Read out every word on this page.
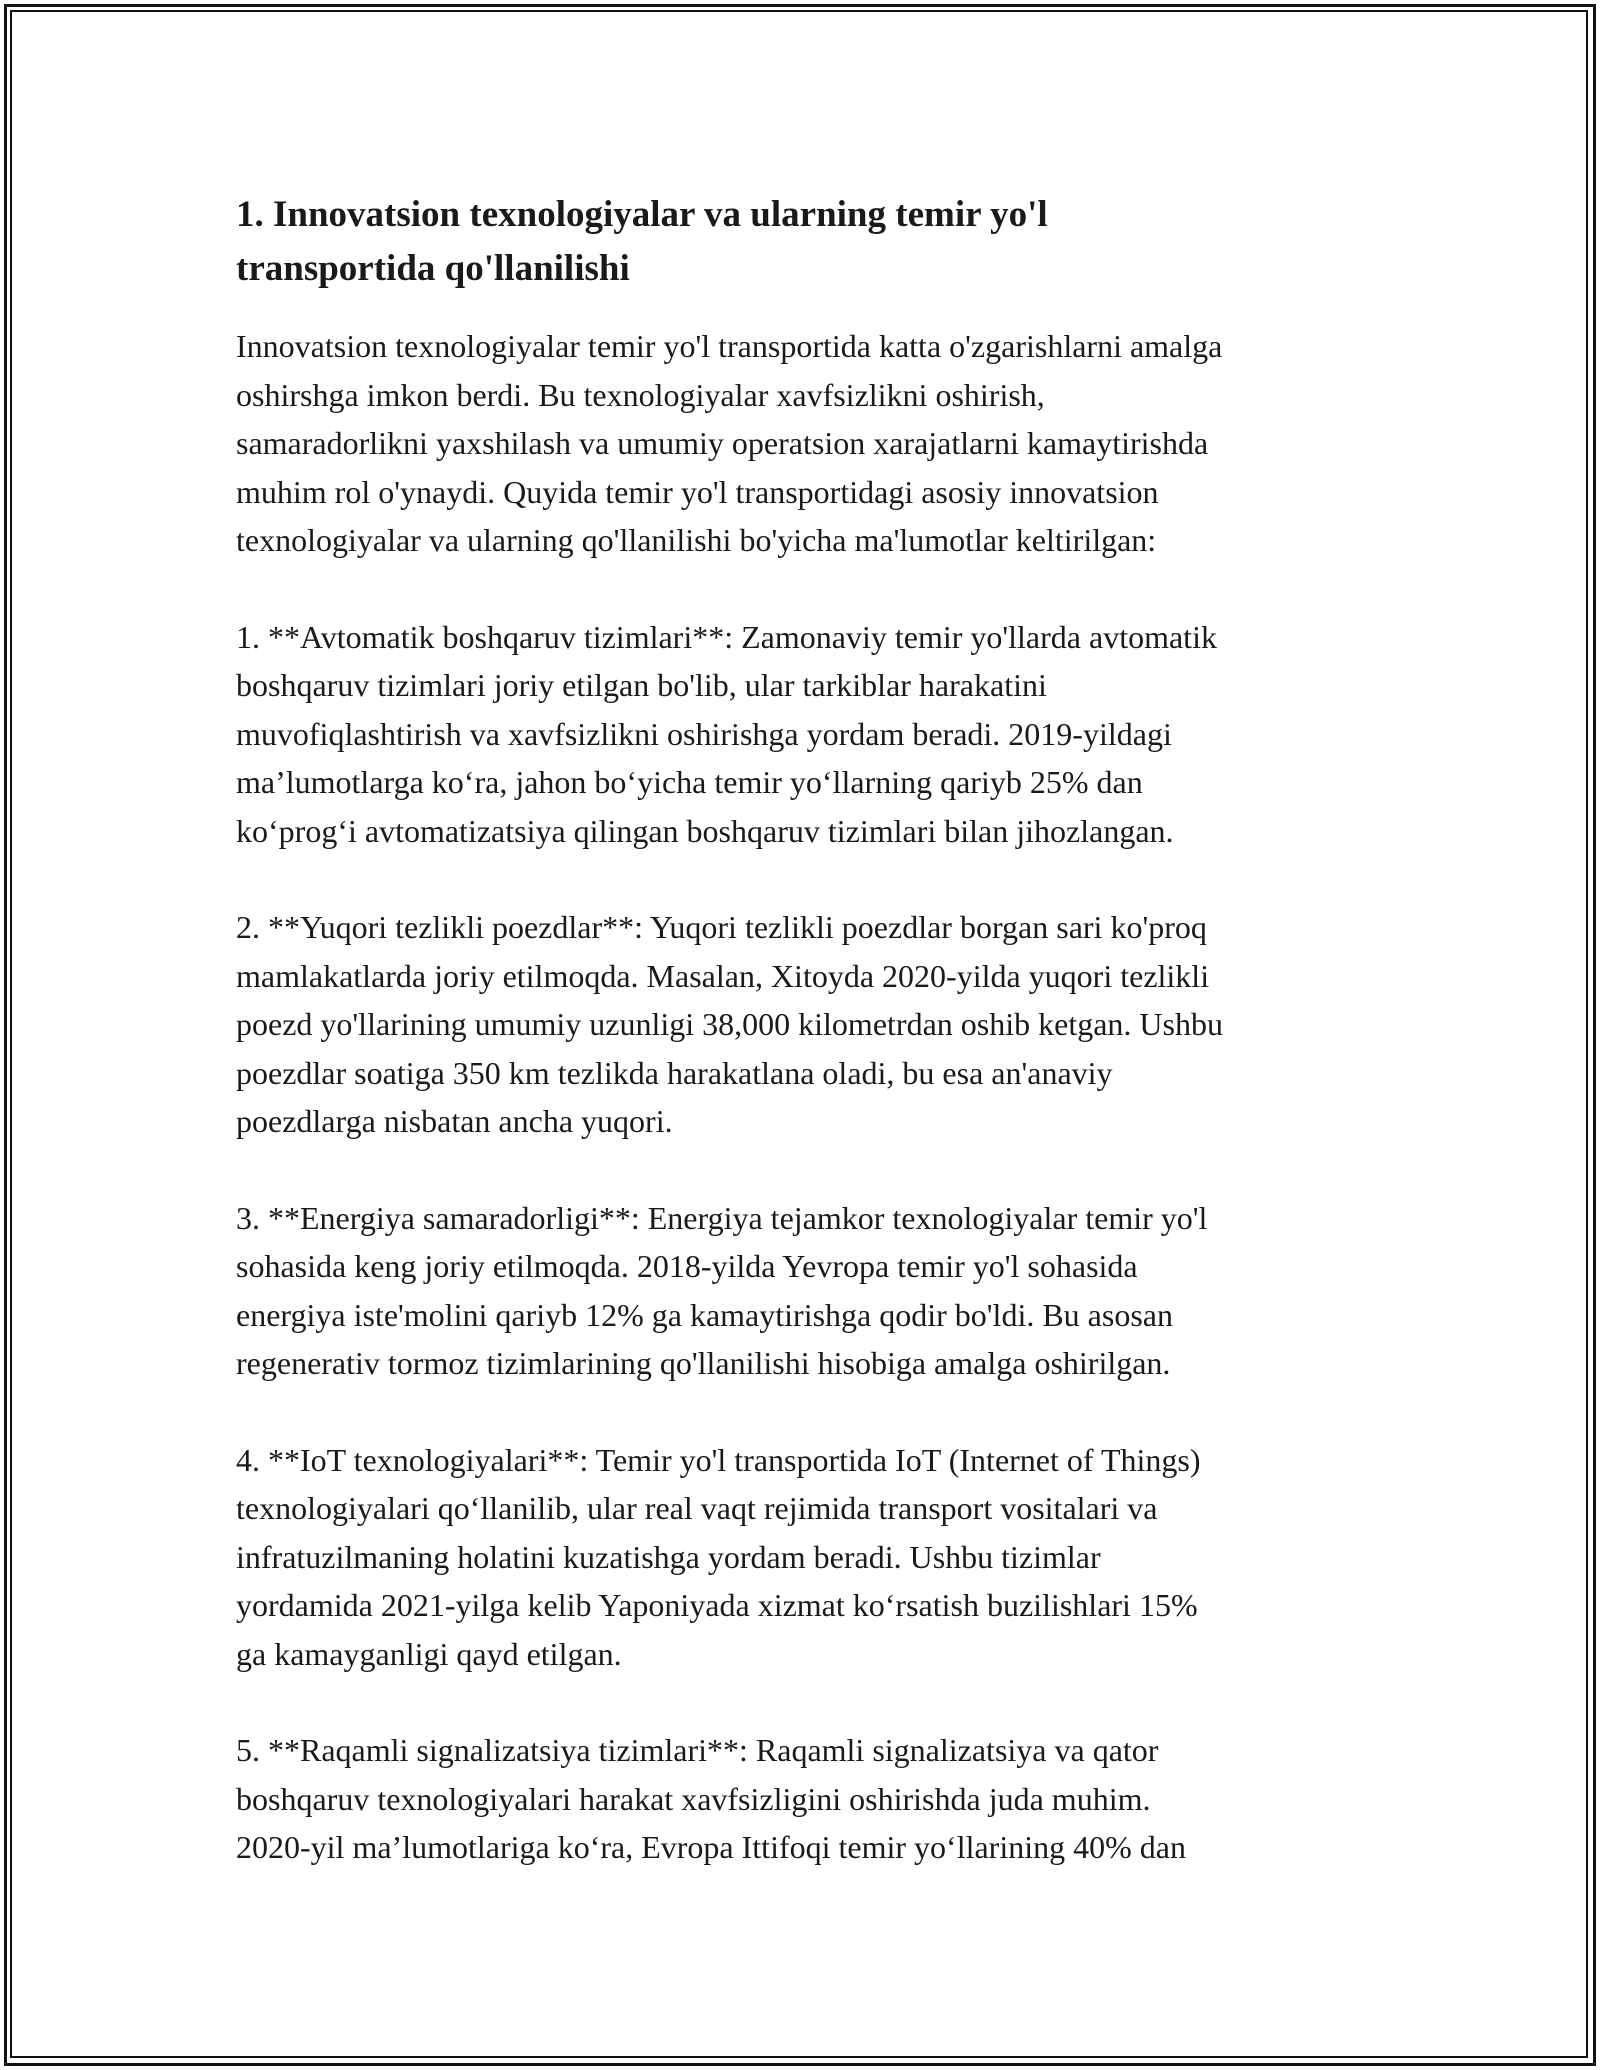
1. Innovatsion texnologiyalar va ularning temir yo'l
transportida qo'llanilishi

Innovatsion texnologiyalar temir yo'l transportida katta o'zgarishlarni amalga
oshirshga imkon berdi. Bu texnologiyalar xavfsizlikni oshirish,
samaradorlikni yaxshilash va umumiy operatsion xarajatlarni kamaytirishda
muhim rol o'ynaydi. Quyida temir yo'l transportidagi asosiy innovatsion
texnologiyalar va ularning qo'llanilishi bo'yicha ma'lumotlar keltirilgan:

1. **Avtomatik boshqaruv tizimlari**: Zamonaviy temir yo'llarda avtomatik
boshqaruv tizimlari joriy etilgan bo'lib, ular tarkiblar harakatini
muvofiqlashtirish va xavfsizlikni oshirishga yordam beradi. 2019-yildagi
ma’lumotlarga ko‘ra, jahon bo‘yicha temir yo‘llarning qariyb 25% dan
ko‘prog‘i avtomatizatsiya qilingan boshqaruv tizimlari bilan jihozlangan.

2. **Yuqori tezlikli poezdlar**: Yuqori tezlikli poezdlar borgan sari ko'proq
mamlakatlarda joriy etilmoqda. Masalan, Xitoyda 2020-yilda yuqori tezlikli
poezd yo'llarining umumiy uzunligi 38,000 kilometrdan oshib ketgan. Ushbu
poezdlar soatiga 350 km tezlikda harakatlana oladi, bu esa an'anaviy
poezdlarga nisbatan ancha yuqori.

3. **Energiya samaradorligi**: Energiya tejamkor texnologiyalar temir yo'l
sohasida keng joriy etilmoqda. 2018-yilda Yevropa temir yo'l sohasida
energiya iste'molini qariyb 12% ga kamaytirishga qodir bo'ldi. Bu asosan
regenerativ tormoz tizimlarining qo'llanilishi hisobiga amalga oshirilgan.

4. **IoT texnologiyalari**: Temir yo'l transportida IoT (Internet of Things)
texnologiyalari qo‘llanilib, ular real vaqt rejimida transport vositalari va
infratuzilmaning holatini kuzatishga yordam beradi. Ushbu tizimlar
yordamida 2021-yilga kelib Yaponiyada xizmat ko‘rsatish buzilishlari 15%
ga kamayganligi qayd etilgan.

5. **Raqamli signalizatsiya tizimlari**: Raqamli signalizatsiya va qator
boshqaruv texnologiyalari harakat xavfsizligini oshirishda juda muhim.
2020-yil ma’lumotlariga ko‘ra, Evropa Ittifoqi temir yo‘llarining 40% dan
